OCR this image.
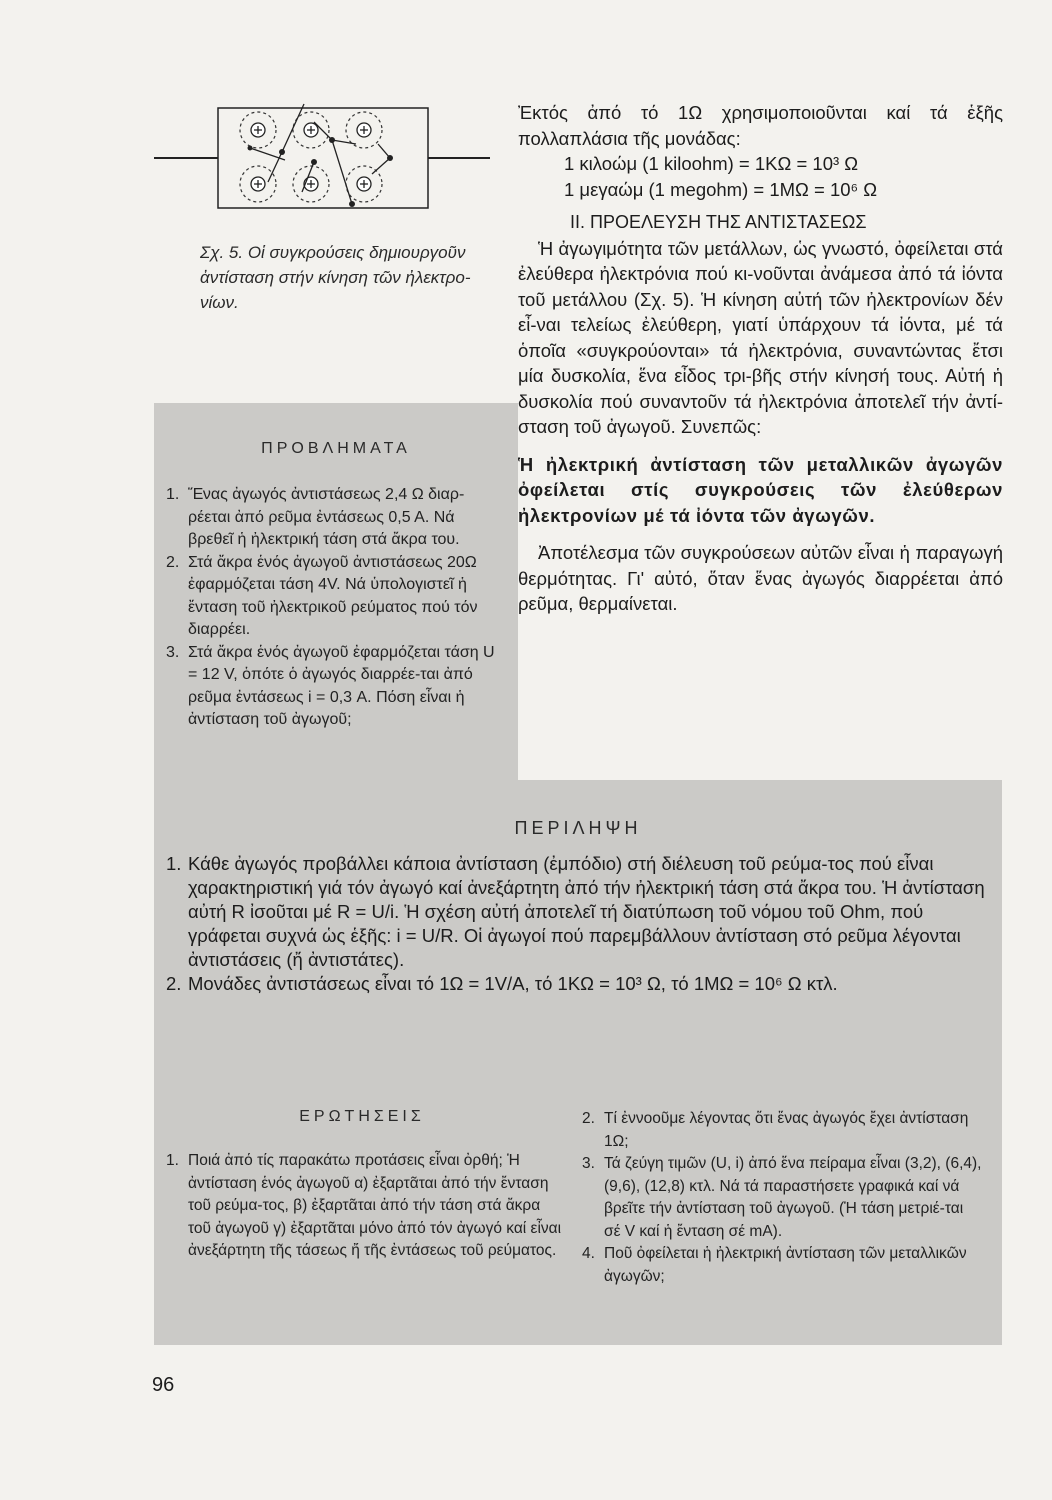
Σχ. 5. Οἱ συγκρούσεις δημιουργοῦν ἀντίσταση στήν κίνηση τῶν ἠλεκτρο-νίων.

Ἐκτός ἀπό τό 1Ω χρησιμοποιοῦνται καί τά ἑξῆς πολλαπλάσια τῆς μονάδας:

1 κιλοώμ (1 kiloohm) = 1ΚΩ = 10³ Ω

1 μεγαώμ (1 megohm) = 1ΜΩ = 10⁶ Ω

II. ΠΡΟΕΛΕΥΣΗ ΤΗΣ ΑΝΤΙΣΤΑΣΕΩΣ

Ἡ ἀγωγιμότητα τῶν μετάλλων, ὡς γνωστό, ὀφείλεται στά ἐλεύθερα ἠλεκτρόνια πού κι-νοῦνται ἀνάμεσα ἀπό τά ἰόντα τοῦ μετάλλου (Σχ. 5). Ἡ κίνηση αὐτή τῶν ἠλεκτρονίων δέν εἶ-ναι τελείως ἐλεύθερη, γιατί ὑπάρχουν τά ἰόντα, μέ τά ὁποῖα «συγκρούονται» τά ἠλεκτρόνια, συναντώντας ἔτσι μία δυσκολία, ἕνα εἶδος τρι-βῆς στήν κίνησή τους. Αὐτή ἡ δυσκολία πού συναντοῦν τά ἠλεκτρόνια ἀποτελεῖ τήν ἀντί-σταση τοῦ ἀγωγοῦ. Συνεπῶς:

Ἡ ἠλεκτρική ἀντίσταση τῶν μεταλλικῶν ἀγωγῶν ὀφείλεται στίς συγκρούσεις τῶν ἐλεύθερων ἠλεκτρονίων μέ τά ἰόντα τῶν ἀγωγῶν.

Ἀποτέλεσμα τῶν συγκρούσεων αὐτῶν εἶναι ἡ παραγωγή θερμότητας. Γι' αὐτό, ὅταν ἕνας ἀγωγός διαρρέεται ἀπό ρεῦμα, θερμαίνεται.

ΠΡΟΒΛΗΜΑΤΑ
1. Ἕνας ἀγωγός ἀντιστάσεως 2,4 Ω διαρ-ρέεται ἀπό ρεῦμα ἐντάσεως 0,5 Α. Νά βρεθεῖ ἡ ἠλεκτρική τάση στά ἄκρα του.
2. Στά ἄκρα ἑνός ἀγωγοῦ ἀντιστάσεως 20Ω ἐφαρμόζεται τάση 4V. Νά ὑπολογιστεῖ ἡ ἔνταση τοῦ ἠλεκτρικοῦ ρεύματος πού τόν διαρρέει.
3. Στά ἄκρα ἑνός ἀγωγοῦ ἐφαρμόζεται τάση U = 12 V, ὁπότε ὁ ἀγωγός διαρρέε-ται ἀπό ρεῦμα ἐντάσεως i = 0,3 Α. Πόση εἶναι ἡ ἀντίσταση τοῦ ἀγωγοῦ;
ΠΕΡΙΛΗΨΗ
1. Κάθε ἀγωγός προβάλλει κάποια ἀντίσταση (ἐμπόδιο) στή διέλευση τοῦ ρεύμα-τος πού εἶναι χαρακτηριστική γιά τόν ἀγωγό καί ἀνεξάρτητη ἀπό τήν ἠλεκτρική τάση στά ἄκρα του. Ἡ ἀντίσταση αὐτή R ἰσοῦται μέ R = U/i. Ἡ σχέση αὐτή ἀποτελεῖ τή διατύπωση τοῦ νόμου τοῦ Ohm, πού γράφεται συχνά ὡς ἑξῆς: i = U/R. Οἱ ἀγωγοί πού παρεμβάλλουν ἀντίσταση στό ρεῦμα λέγονται ἀντιστάσεις (ἤ ἀντιστάτες).
2. Μονάδες ἀντιστάσεως εἶναι τό 1Ω = 1V/A, τό 1ΚΩ = 10³ Ω, τό 1ΜΩ = 10⁶ Ω κτλ.
ΕΡΩΤΗΣΕΙΣ
1. Ποιά ἀπό τίς παρακάτω προτάσεις εἶναι ὀρθή; Ἡ ἀντίσταση ἑνός ἀγωγοῦ α) ἐξαρτᾶται ἀπό τήν ἔνταση τοῦ ρεύμα-τος, β) ἐξαρτᾶται ἀπό τήν τάση στά ἄκρα τοῦ ἀγωγοῦ γ) ἐξαρτᾶται μόνο ἀπό τόν ἀγωγό καί εἶναι ἀνεξάρτητη τῆς τάσεως ἤ τῆς ἐντάσεως τοῦ ρεύματος.
2. Τί ἐννοοῦμε λέγοντας ὅτι ἕνας ἀγωγός ἔχει ἀντίσταση 1Ω;
3. Τά ζεύγη τιμῶν (U, i) ἀπό ἕνα πείραμα εἶναι (3,2), (6,4), (9,6), (12,8) κτλ. Νά τά παραστήσετε γραφικά καί νά βρεῖτε τήν ἀντίσταση τοῦ ἀγωγοῦ. (Ἡ τάση μετριέ-ται σέ V καί ἡ ἔνταση σέ mA).
4. Ποῦ ὀφείλεται ἡ ἠλεκτρική ἀντίσταση τῶν μεταλλικῶν ἀγωγῶν;
96
